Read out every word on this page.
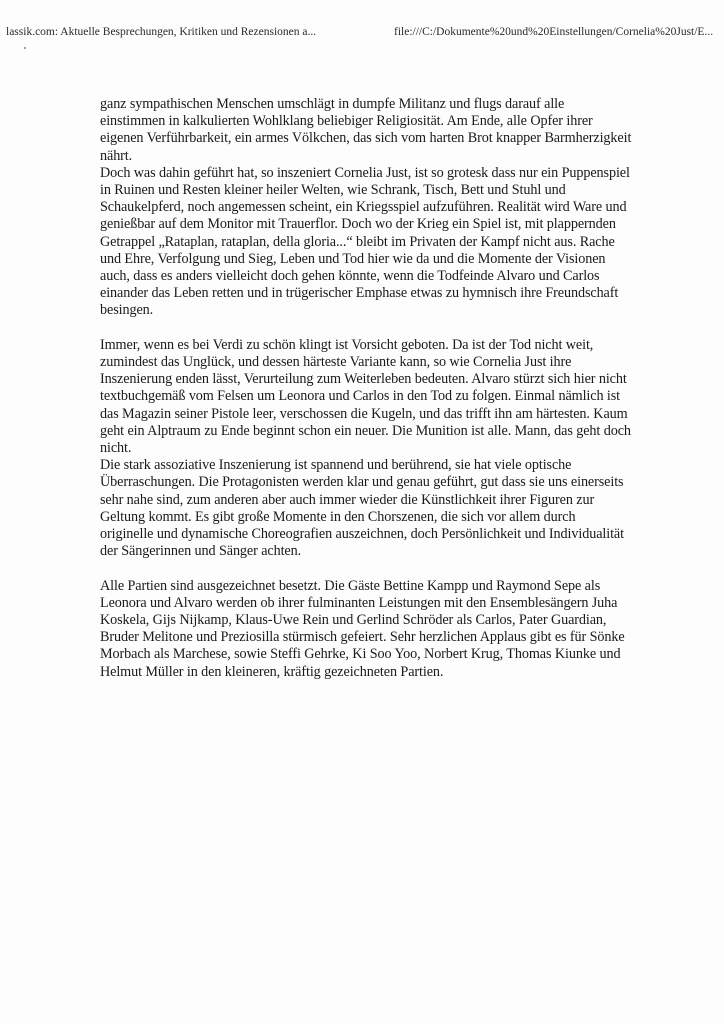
lassik.com: Aktuelle Besprechungen, Kritiken und Rezensionen a...	file:///C:/Dokumente%20und%20Einstellungen/Cornelia%20Just/E...

ganz sympathischen Menschen umschlägt in dumpfe Militanz und flugs darauf alle einstimmen in kalkulierten Wohlklang beliebiger Religiosität. Am Ende, alle Opfer ihrer eigenen Verführbarkeit, ein armes Völkchen, das sich vom harten Brot knapper Barmherzigkeit nährt.

Doch was dahin geführt hat, so inszeniert Cornelia Just, ist so grotesk dass nur ein Puppenspiel in Ruinen und Resten kleiner heiler Welten, wie Schrank, Tisch, Bett und Stuhl und Schaukelpferd, noch angemessen scheint, ein Kriegsspiel aufzuführen. Realität wird Ware und genießbar auf dem Monitor mit Trauerflor. Doch wo der Krieg ein Spiel ist, mit plappernden Getrappel „Rataplan, rataplan, della gloria...“ bleibt im Privaten der Kampf nicht aus. Rache und Ehre, Verfolgung und Sieg, Leben und Tod hier wie da und die Momente der Visionen auch, dass es anders vielleicht doch gehen könnte, wenn die Todfeinde Alvaro und Carlos einander das Leben retten und in trügerischer Emphase etwas zu hymnisch ihre Freundschaft besingen.

Immer, wenn es bei Verdi zu schön klingt ist Vorsicht geboten. Da ist der Tod nicht weit, zumindest das Unglück, und dessen härteste Variante kann, so wie Cornelia Just ihre Inszenierung enden lässt, Verurteilung zum Weiterleben bedeuten. Alvaro stürzt sich hier nicht textbuchgemäß vom Felsen um Leonora und Carlos in den Tod zu folgen. Einmal nämlich ist das Magazin seiner Pistole leer, verschossen die Kugeln, und das trifft ihn am härtesten. Kaum geht ein Alptraum zu Ende beginnt schon ein neuer. Die Munition ist alle. Mann, das geht doch nicht.

Die stark assoziative Inszenierung ist spannend und berührend, sie hat viele optische Überraschungen. Die Protagonisten werden klar und genau geführt, gut dass sie uns einerseits sehr nahe sind, zum anderen aber auch immer wieder die Künstlichkeit ihrer Figuren zur Geltung kommt. Es gibt große Momente in den Chorszenen, die sich vor allem durch originelle und dynamische Choreografien auszeichnen, doch Persönlichkeit und Individualität der Sängerinnen und Sänger achten.

Alle Partien sind ausgezeichnet besetzt. Die Gäste Bettine Kampp und Raymond Sepe als Leonora und Alvaro werden ob ihrer fulminanten Leistungen mit den Ensemblesängern Juha Koskela, Gijs Nijkamp, Klaus-Uwe Rein und Gerlind Schröder als Carlos, Pater Guardian, Bruder Melitone und Preziosilla stürmisch gefeiert. Sehr herzlichen Applaus gibt es für Sönke Morbach als Marchese, sowie Steffi Gehrke, Ki Soo Yoo, Norbert Krug, Thomas Kiunke und Helmut Müller in den kleineren, kräftig gezeichneten Partien.
